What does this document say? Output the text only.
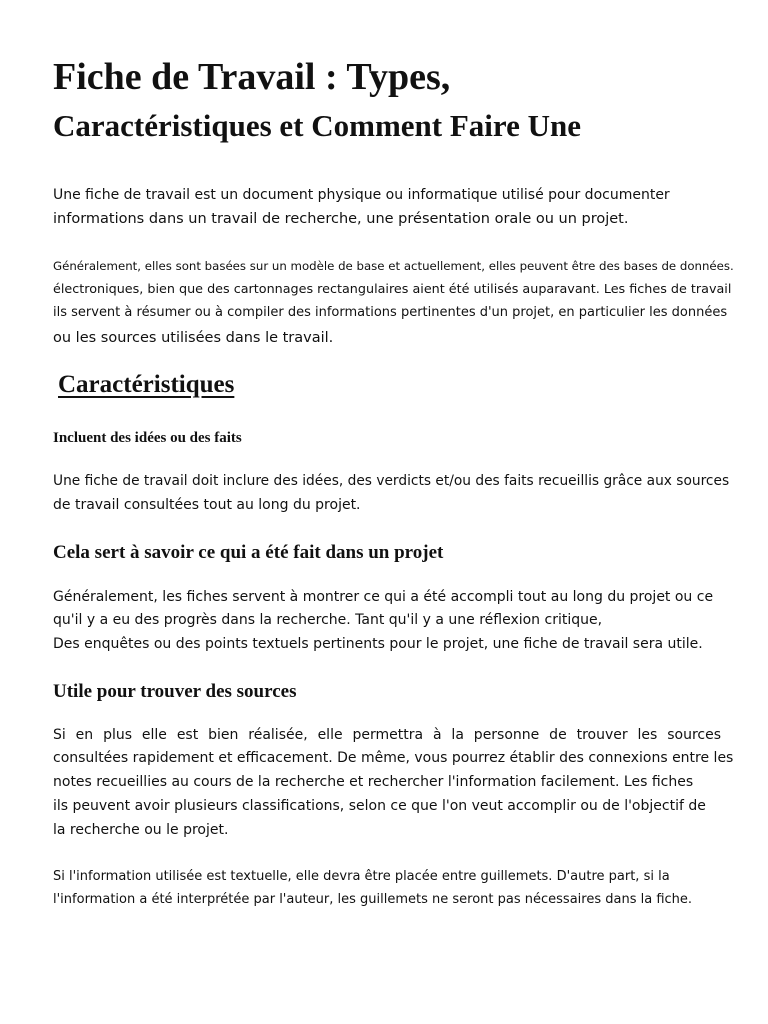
Fiche de Travail : Types,
Caractéristiques et Comment Faire Une

Une fiche de travail est un document physique ou informatique utilisé pour documenter

informations dans un travail de recherche, une présentation orale ou un projet.

Généralement, elles sont basées sur un modèle de base et actuellement, elles peuvent être des bases de données.

électroniques, bien que des cartonnages rectangulaires aient été utilisés auparavant. Les fiches de travail

ils servent à résumer ou à compiler des informations pertinentes d'un projet, en particulier les données

ou les sources utilisées dans le travail.

Caractéristiques
Incluent des idées ou des faits

Une fiche de travail doit inclure des idées, des verdicts et/ou des faits recueillis grâce aux sources

de travail consultées tout au long du projet.

Cela sert à savoir ce qui a été fait dans un projet

Généralement, les fiches servent à montrer ce qui a été accompli tout au long du projet ou ce

qu'il y a eu des progrès dans la recherche. Tant qu'il y a une réflexion critique,

Des enquêtes ou des points textuels pertinents pour le projet, une fiche de travail sera utile.

Utile pour trouver des sources

Si en plus elle est bien réalisée, elle permettra à la personne de trouver les sources

consultées rapidement et efficacement. De même, vous pourrez établir des connexions entre les

notes recueillies au cours de la recherche et rechercher l'information facilement. Les fiches

ils peuvent avoir plusieurs classifications, selon ce que l'on veut accomplir ou de l'objectif de

la recherche ou le projet.

Si l'information utilisée est textuelle, elle devra être placée entre guillemets. D'autre part, si la

l'information a été interprétée par l'auteur, les guillemets ne seront pas nécessaires dans la fiche.
